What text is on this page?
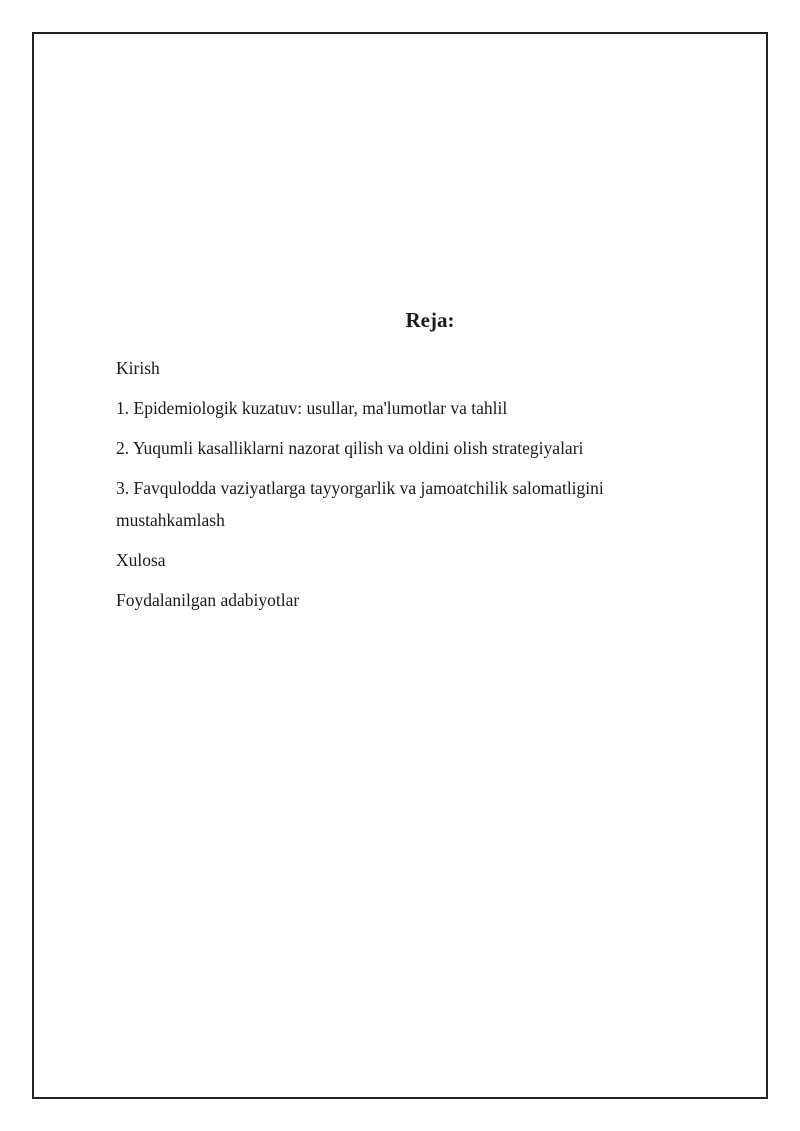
Reja:
Kirish
1. Epidemiologik kuzatuv: usullar, ma'lumotlar va tahlil
2. Yuqumli kasalliklarni nazorat qilish va oldini olish strategiyalari
3. Favqulodda vaziyatlarga tayyorgarlik va jamoatchilik salomatligini mustahkamlash
Xulosa
Foydalanilgan adabiyotlar
